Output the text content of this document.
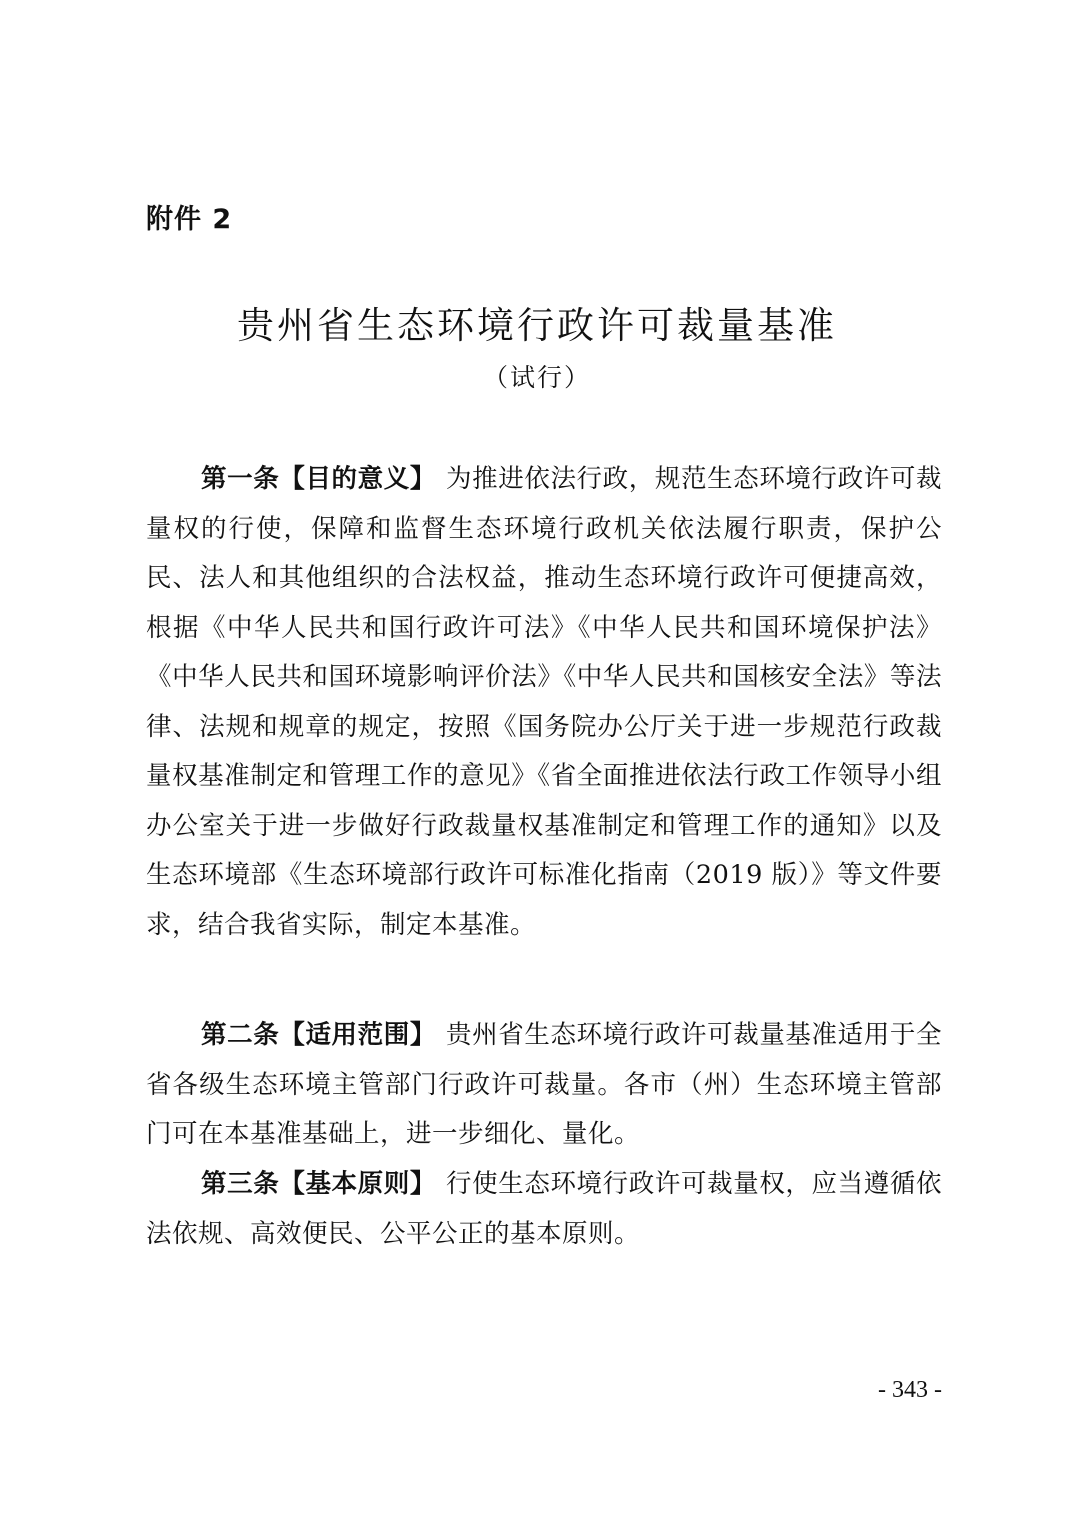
附件 2
贵州省生态环境行政许可裁量基准
（试行）

第一条【目的意义】 为推进依法行政，规范生态环境行政许可裁量权的行使，保障和监督生态环境行政机关依法履行职责，保护公民、法人和其他组织的合法权益，推动生态环境行政许可便捷高效，根据《中华人民共和国行政许可法》《中华人民共和国环境保护法》《中华人民共和国环境影响评价法》《中华人民共和国核安全法》等法律、法规和规章的规定，按照《国务院办公厅关于进一步规范行政裁量权基准制定和管理工作的意见》《省全面推进依法行政工作领导小组办公室关于进一步做好行政裁量权基准制定和管理工作的通知》以及生态环境部《生态环境部行政许可标准化指南（2019 版）》等文件要求，结合我省实际，制定本基准。

第二条【适用范围】 贵州省生态环境行政许可裁量基准适用于全省各级生态环境主管部门行政许可裁量。各市（州）生态环境主管部门可在本基准基础上，进一步细化、量化。

第三条【基本原则】 行使生态环境行政许可裁量权，应当遵循依法依规、高效便民、公平公正的基本原则。

- 343 -
